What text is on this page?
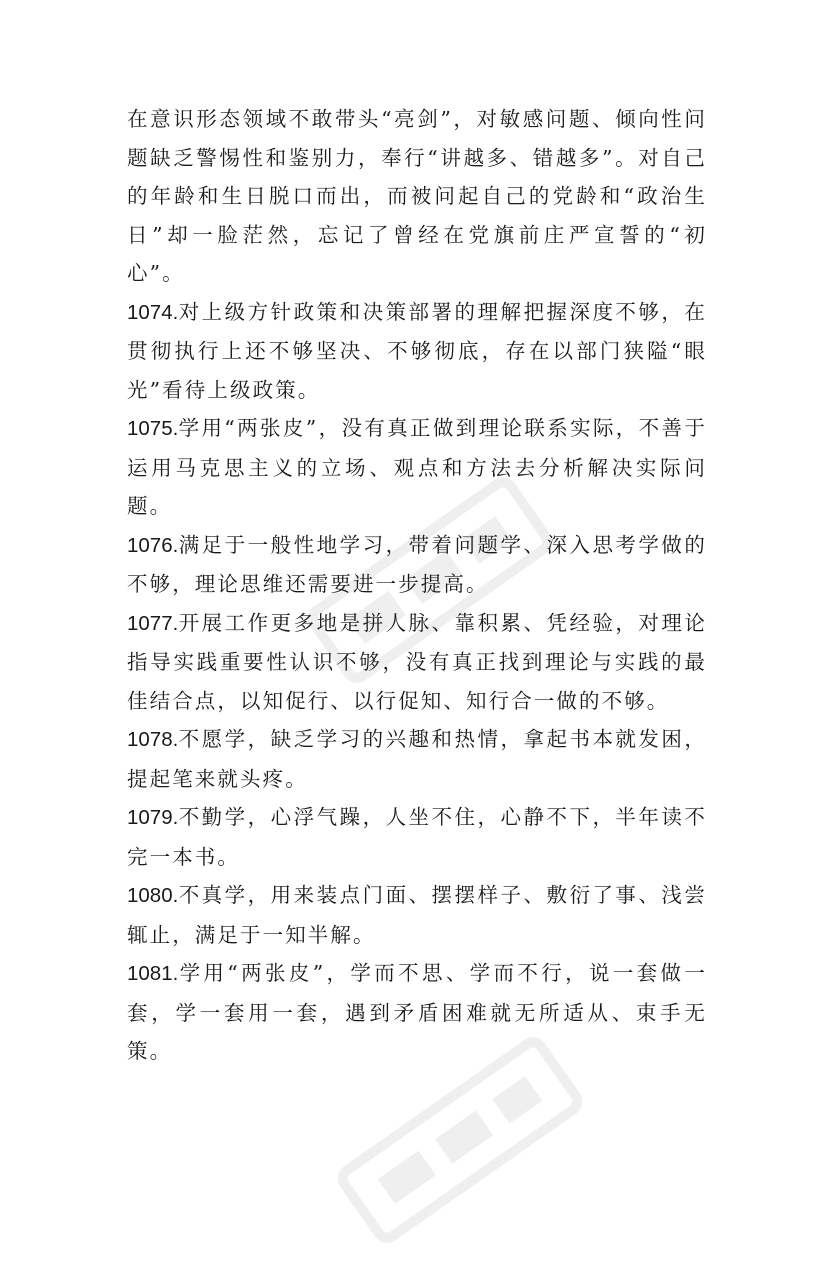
在意识形态领域不敢带头“亮剑”，对敏感问题、倾向性问题缺乏警惕性和鉴别力，奉行“讲越多、错越多”。对自己的年龄和生日脱口而出，而被问起自己的党龄和“政治生日”却一脸茫然，忘记了曾经在党旗前庄严宣誓的“初心”。

1074.对上级方针政策和决策部署的理解把握深度不够，在贯彻执行上还不够坚决、不够彻底，存在以部门狭隘“眼光”看待上级政策。

1075.学用“两张皮”，没有真正做到理论联系实际，不善于运用马克思主义的立场、观点和方法去分析解决实际问题。

1076.满足于一般性地学习，带着问题学、深入思考学做的不够，理论思维还需要进一步提高。

1077.开展工作更多地是拼人脉、靠积累、凭经验，对理论指导实践重要性认识不够，没有真正找到理论与实践的最佳结合点，以知促行、以行促知、知行合一做的不够。

1078.不愿学，缺乏学习的兴趣和热情，拿起书本就发困，提起笔来就头疼。

1079.不勤学，心浮气躁，人坐不住，心静不下，半年读不完一本书。

1080.不真学，用来装点门面、摆摆样子、敷衍了事、浅尝辄止，满足于一知半解。

1081.学用“两张皮”，学而不思、学而不行，说一套做一套，学一套用一套，遇到矛盾困难就无所适从、束手无策。
